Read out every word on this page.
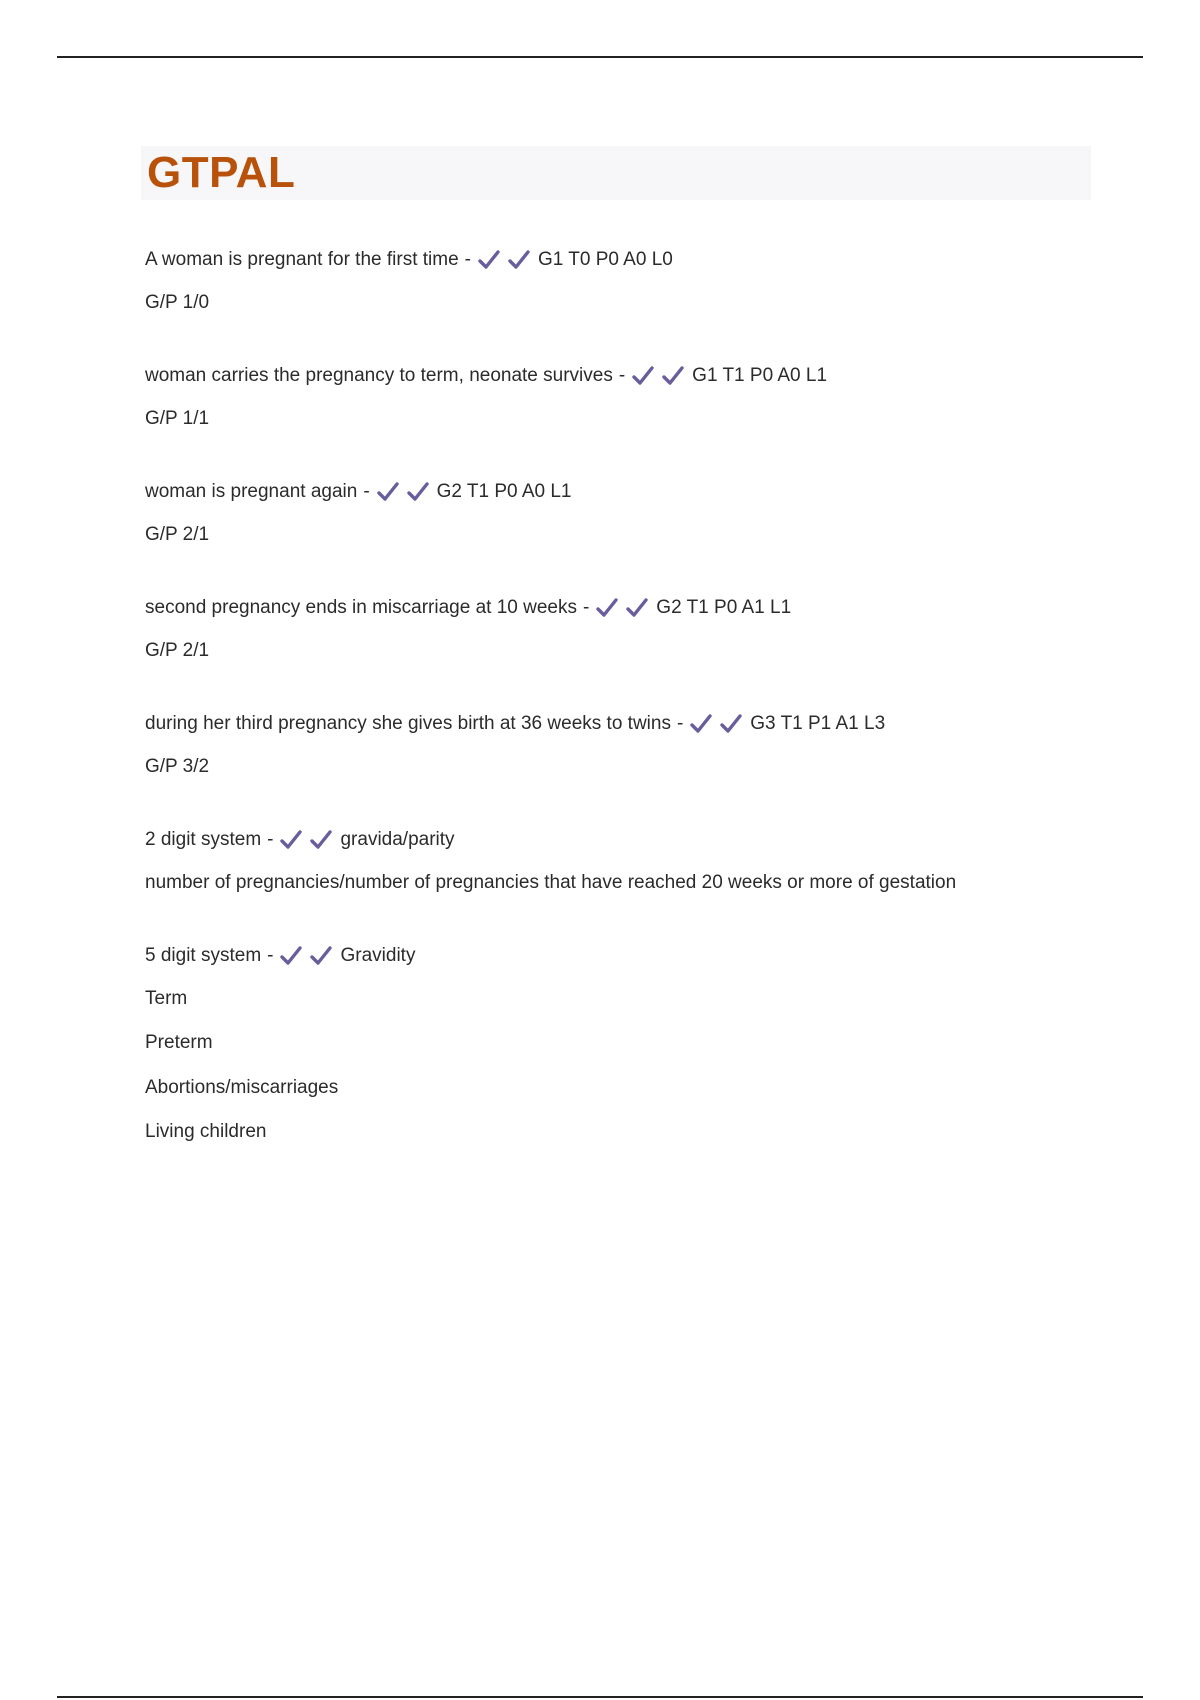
GTPAL
A woman is pregnant for the first time -	G1 T0 P0 A0 L0
G/P 1/0
woman carries the pregnancy to term, neonate survives -	G1 T1 P0 A0 L1
G/P 1/1
woman is pregnant again -	G2 T1 P0 A0 L1
G/P 2/1
second pregnancy ends in miscarriage at 10 weeks -	G2 T1 P0 A1 L1
G/P 2/1
during her third pregnancy she gives birth at 36 weeks to twins -	G3 T1 P1 A1 L3
G/P 3/2
2 digit system -	gravida/parity
number of pregnancies/number of pregnancies that have reached 20 weeks or more of gestation
5 digit system -	Gravidity
Term
Preterm
Abortions/miscarriages
Living children
